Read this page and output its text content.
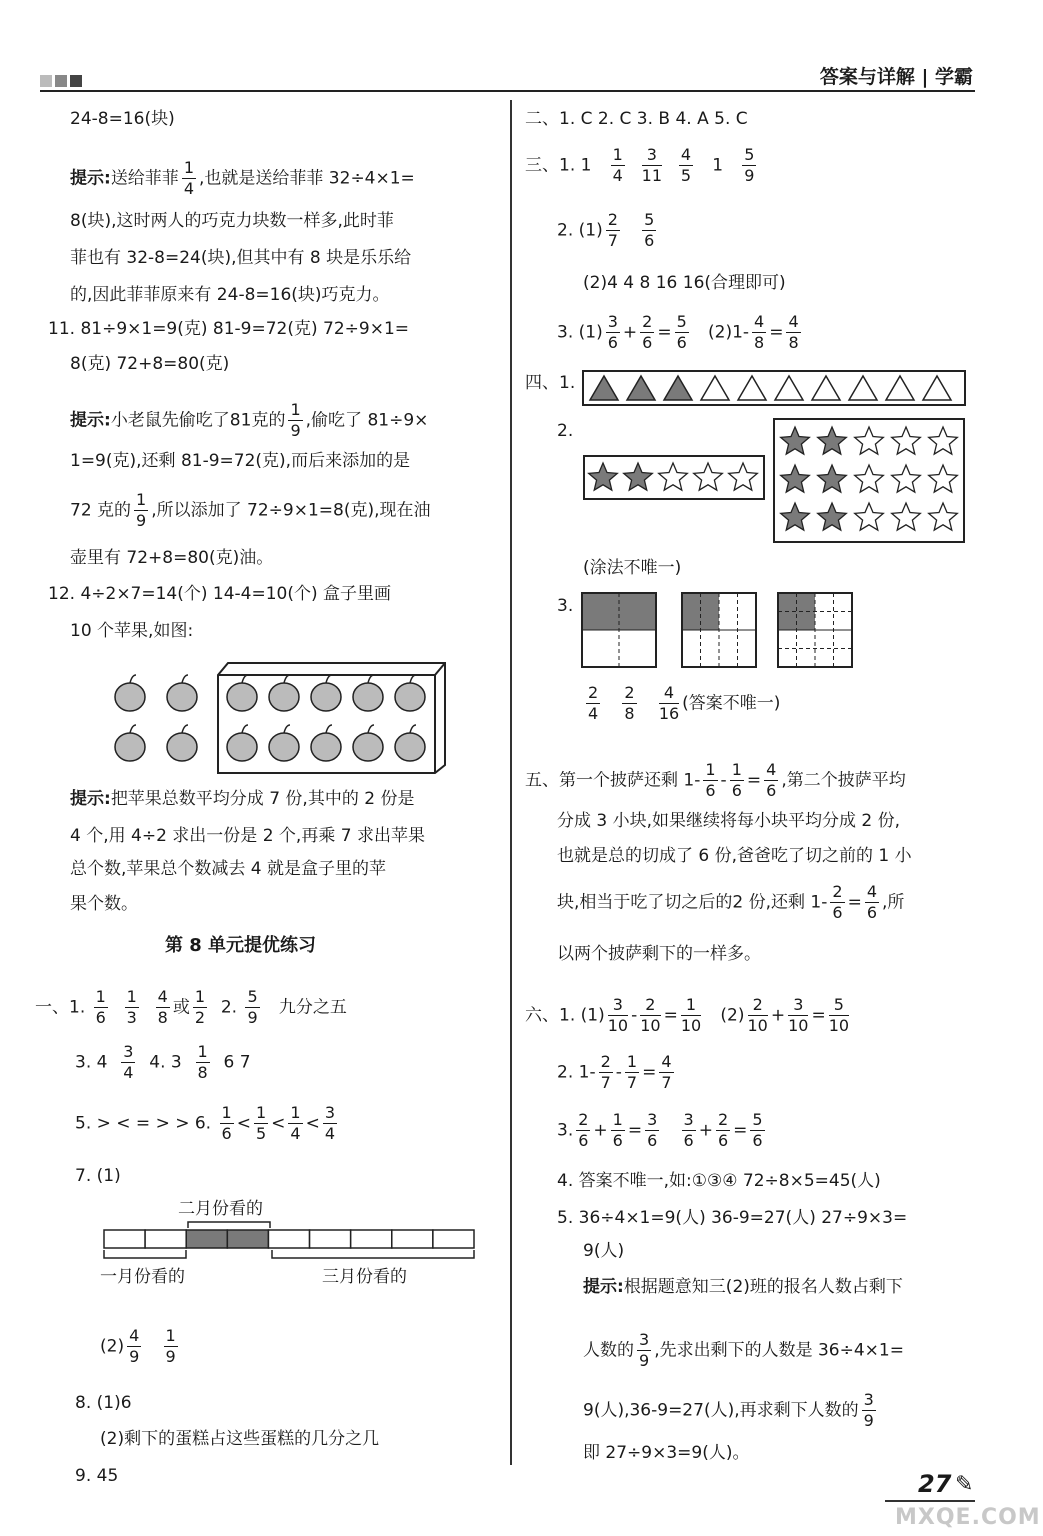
答案与详解 | 学霸
24-8=16(块)
提示:送给菲菲 $\frac{1}{4}$ ,也就是送给菲菲 32÷4×1=
8(块),这时两人的巧克力块数一样多,此时菲
菲也有 32-8=24(块),但其中有 8 块是乐乐给
的,因此菲菲原来有 24-8=16(块)巧克力。
11. 81÷9×1=9(克) 81-9=72(克) 72÷9×1=
8(克) 72+8=80(克)
提示:小老鼠先偷吃了81克的 $\frac{1}{9}$ ,偷吃了 81÷9×
1=9(克),还剩 81-9=72(克),而后来添加的是
72 克的 $\frac{1}{9}$ ,所以添加了 72÷9×1=8(克),现在油
壶里有 72+8=80(克)油。
12. 4÷2×7=14(个) 14-4=10(个) 盒子里画
10 个苹果,如图:
提示:把苹果总数平均分成 7 份,其中的 2 份是
4 个,用 4÷2 求出一份是 2 个,再乘 7 求出苹果
总个数,苹果总个数减去 4 就是盒子里的苹
果个数。
第 8 单元提优练习
一、1. $\frac{1}{6}$
$\frac{1}{3}$
$\frac{4}{8}$ 或 $\frac{1}{2} 2$. $\frac{5}{9}$ 九分之五
3. $4 \frac{3}{4} 4$. $3 \frac{1}{8} 6$ 7
5. > < = > > 6. $\frac{1}{6} < \frac{1}{5} < \frac{1}{4} < \frac{3}{4}$
7. (1)
二月份看的
一月份看的	三月份看的
$(2) \frac{4}{9}$
$\frac{1}{9}$
8. (1)6
(2)剩下的蛋糕占这些蛋糕的几分之几
9. 45
二、1. C 2. C 3. B 4. A 5. C
三、1. $1 \frac{1}{4}$
$\frac{3}{11}$
$\frac{4}{5} 1 \frac{5}{9}$
2. $(1) \frac{2}{7}$
$\frac{5}{6}$
(2)4 4 8 16 16(合理即可)
3. $(1) \frac{3}{6} + \frac{2}{6} = \frac{5}{6} (2)1- \frac{4}{8} = \frac{4}{8}$
四、1.
2.
(涂法不唯一)
3.
$\frac{2}{4}$
$\frac{2}{8}$
$\frac{4}{16}$ (答案不唯一)
五、第一个披萨还剩 $1- \frac{1}{6} - \frac{1}{6} = \frac{4}{6}$ ,第二个披萨平均
分成 3 小块,如果继续将每小块平均分成 2 份,
也就是总的切成了 6 份,爸爸吃了切之前的 1 小
块,相当于吃了切之后的2 份,还剩 $1- \frac{2}{6} = \frac{4}{6}$ ,所
以两个披萨剩下的一样多。
六、1. $(1) \frac{3}{10} - \frac{2}{10} = \frac{1}{10} (2) \frac{2}{10} + \frac{3}{10} = \frac{5}{10}$
2. $1- \frac{2}{7} - \frac{1}{7} = \frac{4}{7}$
3. $\frac{2}{6} + \frac{1}{6} = \frac{3}{6}$
$\frac{3}{6} + \frac{2}{6} = \frac{5}{6}$
4. 答案不唯一,如:①③④ 72÷8×5=45(人)
5. 36÷4×1=9(人) 36-9=27(人) 27÷9×3=
9(人)
提示:根据题意知三(2)班的报名人数占剩下
人数的 $\frac{3}{9}$ ,先求出剩下的人数是 36÷4×1=
9(人),36-9=27(人),再求剩下人数的 $\frac{3}{9}$
即 27÷9×3=9(人)。
27 ✎
MXQE.COM
